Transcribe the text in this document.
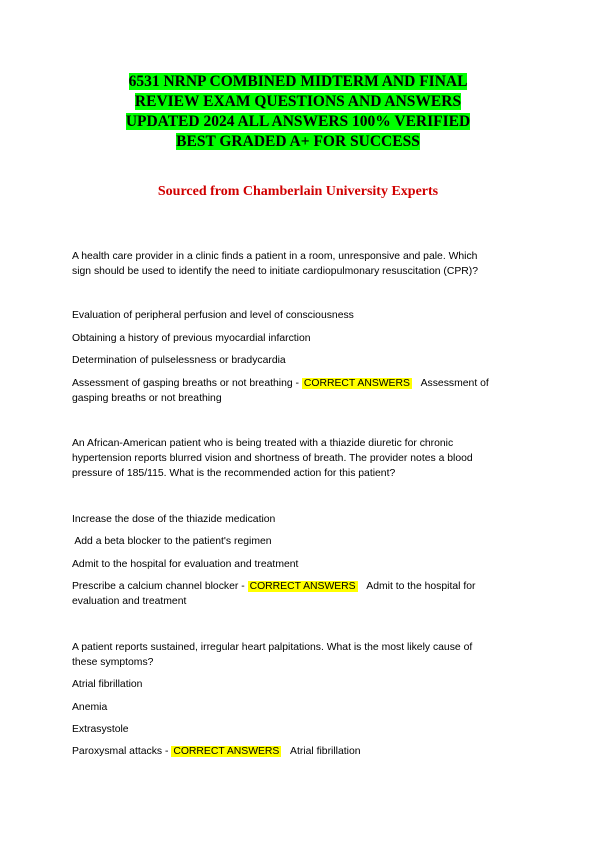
6531 NRNP COMBINED MIDTERM AND FINAL
REVIEW EXAM QUESTIONS AND ANSWERS
UPDATED 2024 ALL ANSWERS 100% VERIFIED
BEST GRADED A+ FOR SUCCESS
Sourced from Chamberlain University Experts
A health care provider in a clinic finds a patient in a room, unresponsive and pale. Which
sign should be used to identify the need to initiate cardiopulmonary resuscitation (CPR)?
Evaluation of peripheral perfusion and level of consciousness
Obtaining a history of previous myocardial infarction
Determination of pulselessness or bradycardia
Assessment of gasping breaths or not breathing - CORRECT ANSWERS Assessment of
gasping breaths or not breathing
An African-American patient who is being treated with a thiazide diuretic for chronic
hypertension reports blurred vision and shortness of breath. The provider notes a blood
pressure of 185/115. What is the recommended action for this patient?
Increase the dose of the thiazide medication
Add a beta blocker to the patient's regimen
Admit to the hospital for evaluation and treatment
Prescribe a calcium channel blocker - CORRECT ANSWERS Admit to the hospital for
evaluation and treatment
A patient reports sustained, irregular heart palpitations. What is the most likely cause of
these symptoms?
Atrial fibrillation
Anemia
Extrasystole
Paroxysmal attacks - CORRECT ANSWERS Atrial fibrillation
